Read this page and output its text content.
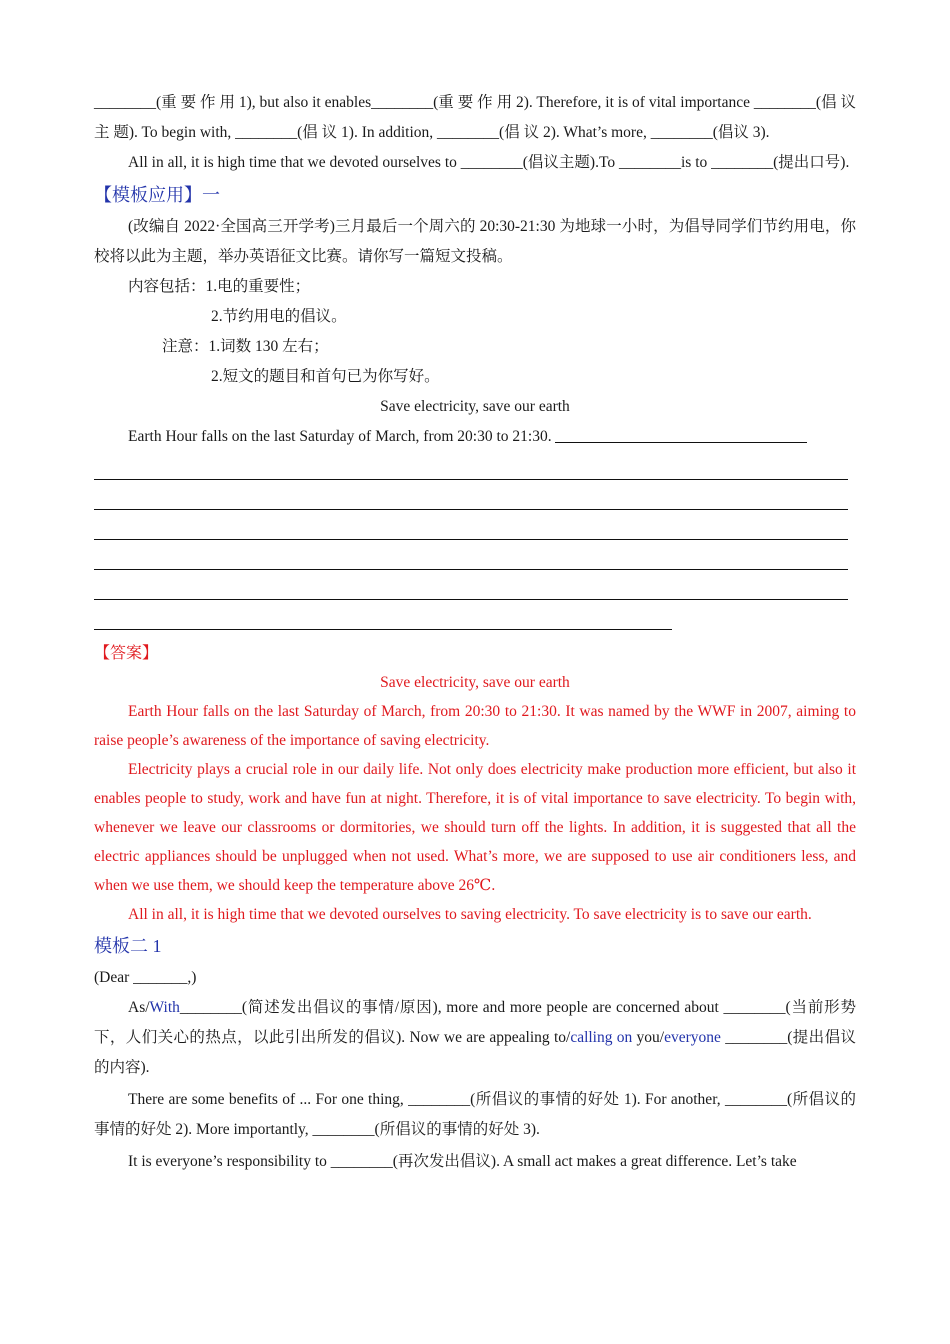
________(重 要 作 用 1), but also it enables________(重 要 作 用 2). Therefore, it is of vital importance ________(倡 议 主 题). To begin with, ________(倡 议 1). In addition, ________(倡 议 2). What’s more, ________(倡议 3).

All in all, it is high time that we devoted ourselves to ________(倡议主题).To ________is to ________(提出口号).

【模板应用】一

(改编自 2022·全国高三开学考)三月最后一个周六的 20:30-21:30 为地球一小时，为倡导同学们节约用电，你校将以此为主题，举办英语征文比赛。请你写一篇短文投稿。

内容包括：1.电的重要性；

2.节约用电的倡议。

注意：1.词数 130 左右；

2.短文的题目和首句已为你写好。

Save electricity, save our earth

Earth Hour falls on the last Saturday of March, from 20:30 to 21:30.

【答案】

Save electricity, save our earth

Earth Hour falls on the last Saturday of March, from 20:30 to 21:30. It was named by the WWF in 2007, aiming to raise people’s awareness of the importance of saving electricity.

Electricity plays a crucial role in our daily life. Not only does electricity make production more efficient, but also it enables people to study, work and have fun at night. Therefore, it is of vital importance to save electricity. To begin with, whenever we leave our classrooms or dormitories, we should turn off the lights. In addition, it is suggested that all the electric appliances should be unplugged when not used. What’s more, we are supposed to use air conditioners less, and when we use them, we should keep the temperature above 26℃.

All in all, it is high time that we devoted ourselves to saving electricity. To save electricity is to save our earth.

模板二 1

(Dear _______,)

As/With________(简述发出倡议的事情/原因), more and more people are concerned about ________(当前形势下，人们关心的热点，以此引出所发的倡议). Now we are appealing to/calling on you/everyone ________(提出倡议的内容).

There are some benefits of ... For one thing, ________(所倡议的事情的好处 1). For another, ________(所倡议的事情的好处 2). More importantly, ________(所倡议的事情的好处 3).

It is everyone’s responsibility to ________(再次发出倡议). A small act makes a great difference. Let’s take
